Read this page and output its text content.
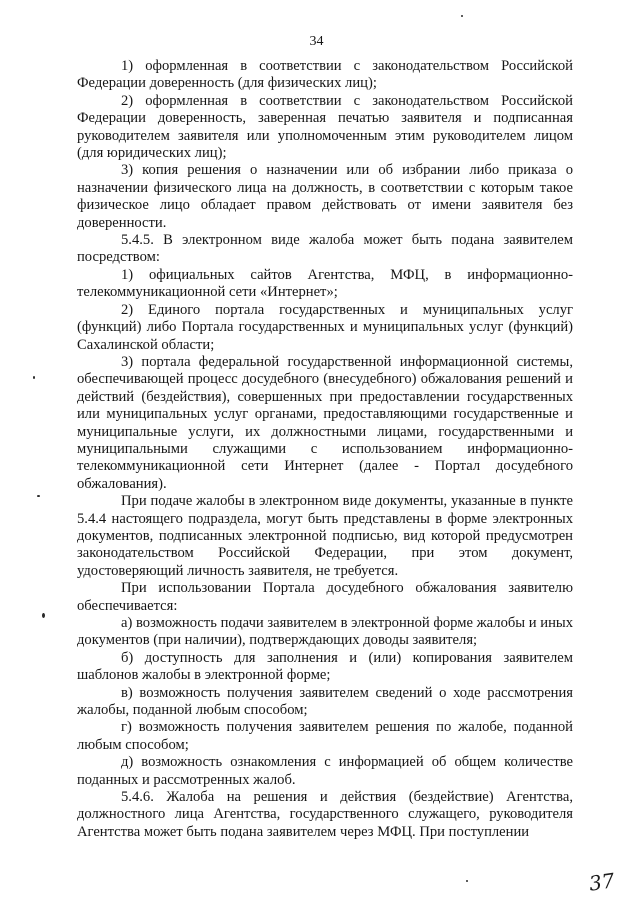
34

1) оформленная в соответствии с законодательством Российской Федерации доверенность (для физических лиц);

2) оформленная в соответствии с законодательством Российской Федерации доверенность, заверенная печатью заявителя и подписанная руководителем заявителя или уполномоченным этим руководителем лицом (для юридических лиц);

3) копия решения о назначении или об избрании либо приказа о назначении физического лица на должность, в соответствии с которым такое физическое лицо обладает правом действовать от имени заявителя без доверенности.

5.4.5. В электронном виде жалоба может быть подана заявителем посредством:

1) официальных сайтов Агентства, МФЦ, в информационно-телекоммуникационной сети «Интернет»;

2) Единого портала государственных и муниципальных услуг (функций) либо Портала государственных и муниципальных услуг (функций) Сахалинской области;

3) портала федеральной государственной информационной системы, обеспечивающей процесс досудебного (внесудебного) обжалования решений и действий (бездействия), совершенных при предоставлении государственных или муниципальных услуг органами, предоставляющими государственные и муниципальные услуги, их должностными лицами, государственными и муниципальными служащими с использованием информационно-телекоммуникационной сети Интернет (далее - Портал досудебного обжалования).

При подаче жалобы в электронном виде документы, указанные в пункте 5.4.4 настоящего подраздела, могут быть представлены в форме электронных документов, подписанных электронной подписью, вид которой предусмотрен законодательством Российской Федерации, при этом документ, удостоверяющий личность заявителя, не требуется.

При использовании Портала досудебного обжалования заявителю обеспечивается:

а) возможность подачи заявителем в электронной форме жалобы и иных документов (при наличии), подтверждающих доводы заявителя;

б) доступность для заполнения и (или) копирования заявителем шаблонов жалобы в электронной форме;

в) возможность получения заявителем сведений о ходе рассмотрения жалобы, поданной любым способом;

г) возможность получения заявителем решения по жалобе, поданной любым способом;

д) возможность ознакомления с информацией об общем количестве поданных и рассмотренных жалоб.

5.4.6. Жалоба на решения и действия (бездействие) Агентства, должностного лица Агентства, государственного служащего, руководителя Агентства может быть подана заявителем через МФЦ. При поступлении

37
